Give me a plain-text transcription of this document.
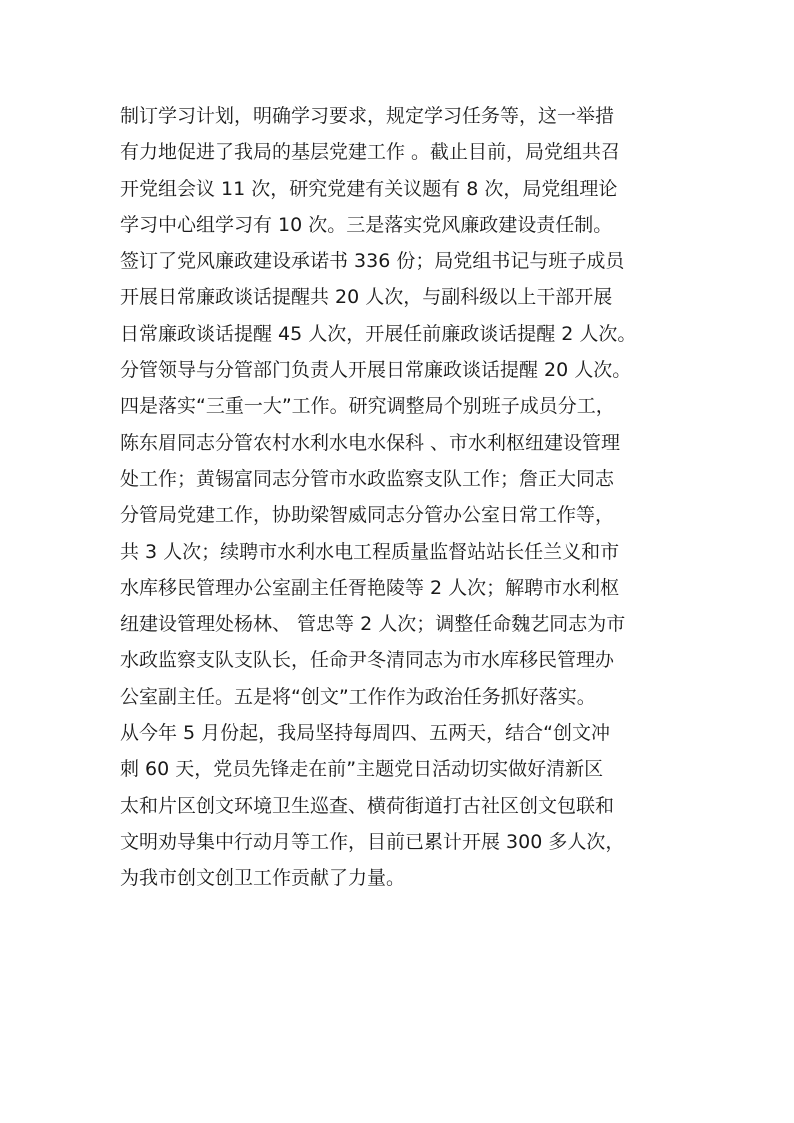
制订学习计划，明确学习要求，规定学习任务等，这一举措
有力地促进了我局的基层党建工作 。截止目前，局党组共召
开党组会议 11 次，研究党建有关议题有 8 次，局党组理论
学习中心组学习有 10 次。三是落实党风廉政建设责任制。
签订了党风廉政建设承诺书 336 份；局党组书记与班子成员
开展日常廉政谈话提醒共 20 人次，与副科级以上干部开展
日常廉政谈话提醒 45 人次，开展任前廉政谈话提醒 2 人次。
分管领导与分管部门负责人开展日常廉政谈话提醒 20 人次。
四是落实“三重一大”工作。研究调整局个别班子成员分工，
陈东眉同志分管农村水利水电水保科 、市水利枢纽建设管理
处工作；黄锡富同志分管市水政监察支队工作；詹正大同志
分管局党建工作，协助梁智威同志分管办公室日常工作等，
共 3 人次；续聘市水利水电工程质量监督站站长任兰义和市
水库移民管理办公室副主任胥艳陵等 2 人次；解聘市水利枢
纽建设管理处杨林、 管忠等 2 人次；调整任命魏艺同志为市
水政监察支队支队长，任命尹冬清同志为市水库移民管理办
公室副主任。五是将“创文”工作作为政治任务抓好落实。
从今年 5 月份起，我局坚持每周四、五两天，结合“创文冲
刺 60 天，党员先锋走在前”主题党日活动切实做好清新区
太和片区创文环境卫生巡查、横荷街道打古社区创文包联和
文明劝导集中行动月等工作，目前已累计开展 300 多人次，
为我市创文创卫工作贡献了力量。
